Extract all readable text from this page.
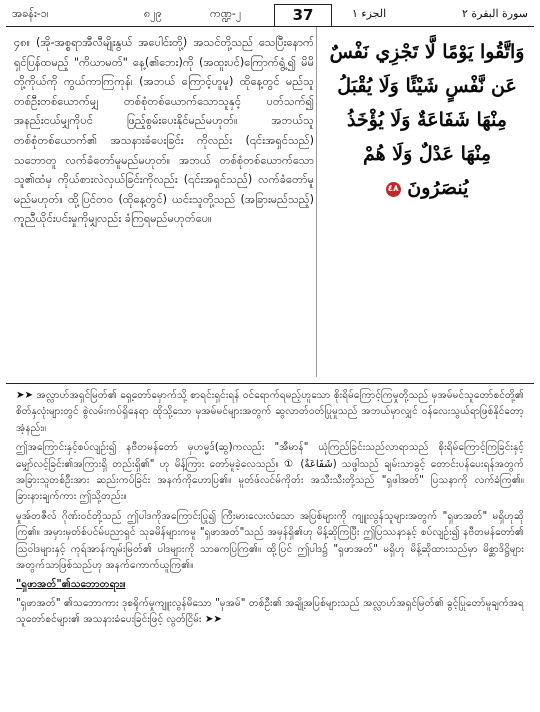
အခန်း-၁၊	၈၂၉	ကဏ္ဍ-၂	37	الجزء ١	سورة البقرة ٢
၄၈။ (အို-အစ္စရာအီလီမျိုးနွယ် အပေါင်းတို့) အသင်တို့သည် သေပြီးနောက် ရှင်ပြန်ထမည့် "ကိယာမတ်" နေ့(၏ဘေး)ကို (အထူးပင်)ကြောက်ရွံ့၍ မိမိတို့ကိုယ်ကို ကွယ်ကာကြကုန်၊ (အဘယ် ကြောင့်ဟူမူ) ထိုနေ့တွင် မည်သူတစ်ဦးတစ်ယောက်မျှ တစ်စုံတစ်ယောက်သောသူနှင့် ပတ်သက်၍ အနည်းငယ်မျှကိုပင် ဖြည့်စွမ်းပေးနိုင်မည်မဟုတ်။ အဘယ်သူ တစ်စုံတစ်ယောက်၏ အသနားခံပေးခြင်း ကိုလည်း (၎င်းအရှင်သည်) သဘောတူ လက်ခံတော်မူမည်မဟုတ်။ အဘယ် တစ်စုံတစ်ယောက်သော သူ၏ထံမှ ကိုယ်စားလဲလှယ်ခြင်းကိုလည်း (၎င်းအရှင်သည်) လက်ခံတော်မူမည်မဟုတ်။ ထို့ပြင်တဝ (ထိုနေ့တွင်) ယင်းသူတို့သည် (အခြားမည်သည့်) ကူညီယိုင်းပင်းမှုကိုမျှလည်း ခံကြရမည်မဟုတ်ပေ။
وَاتَّقُوا يَوْمًا لَّا تَجْزِي نَفْسٌ
عَن نَّفْسٍ شَيْئًا وَلَا يُقْبَلُ
مِنْهَا شَفَاعَةٌ وَلَا يُؤْخَذُ
مِنْهَا عَدْلٌ وَلَا هُمْ
يُنصَرُونَ ٤٨

➤➤ အလ္လာဟ်အရှင်မြတ်၏ ရှေ့တော်မှောက်သို့ စာရင်းရှင်းရန် ဝင်ရောက်ရမည့်ဟူသော စိုးရိမ်ကြောင့်ကြမှုတို့သည် မှအမ်မင်သူတော်စင်တို့၏ စိတ်နှလုံးများတွင် စွဲလမ်းကပ်ရှိနေရာ ထိုသို့သော မှအမ်မင်များအတွက် ဆွလာတ်ဝတ်ပြုမှုသည် အဘယ်မှာလျှင် ဝန်လေးသွယ်ရာဖြစ်နိုင်တော့အံ့နည်း။

ဤအကြောင်းနှင့်စပ်လျဉ်း၍ နဗီတမန်တော် မှဟမ္မဒ်(ဆွ)ကလည်း "အီမာန်" ယုံကြည်ခြင်းသည်လာရာသည် စိုးရိမ်ကြောင့်ကြခြင်းနှင့် မျှော်လင့်ခြင်း၏အကြားရှိ တည်းရှိ၏" ဟု မိန့်ကြား တော်မူခဲ့လေသည်။ ① (شَفَاعَةٌ) သဖ္ဖါသည် ချမ်းသာခွင့် တောင်းပန်ပေးရန်အတွက် အခြားသူတစ်ဦးအား ဆည်းကပ်ခြင်း အနက်ကိုဟောပြ၏။ မူတ်ဖ်လင်မ်ကိုတ်း အသီးသီးတို့သည် "ရှဖါအတ်" ပြသနာကို လက်ခံကြ၏။ ခြားနားချက်ကား ဤသို့တည်း။

မှုအ်တဇီလ် ဂိုဏ်းဝင်တို့သည် ဤပါဒကိုအကြောင်းပြု၍ ကြီးမားလေးလံသော အပြစ်များကို ကျူးလွန်သူများအတွက် "ရှဖာအတ်" မရှိဟုဆိုကြ၏။ အမှားမှတ်စ်ပင်မ်ပညာရှင် သုခမိန်များကမူ "ရှဖာအတ်"သည် အမှန်ရှိ၏ဟု မိန့်ဆိုကြပြီး ဤပြဿနာနှင့် စပ်လျဉ်း၍ နဗီတမန်တော်၏ သြဝါဒများနှင့် ကုရ်အာန်ကျမ်းမြတ်၏ ပါဒများကို သာဓကပြကြ၏။ ထို့ပြင် ဤပါဒ၌ "ရှဖာအတ်" မရှိဟု မိန့်ဆိုထားသည်မှာ မိစ္ဆာဒိဋ္ဌိများ အတွက်သာဖြစ်သည်ဟု အနက်ကောက်ယူကြ၏။

"ရှဖာအတ်"၏သဘောတရား။

"ရှဖာအတ်" ၏သဘောကား ဒုစရိုက်မှုကျူးလွန်မိသော "မှအမ်" တစ်ဦး၏ အချို့အပြစ်များသည် အလ္လာဟ်အရှင်မြတ်၏ ခွင့်ပြုတော်မူချက်အရ သူတော်စင်များ၏ အသနားခံပေးခြင်းဖြင့် လွတ်ငြိမ်း ➤➤
